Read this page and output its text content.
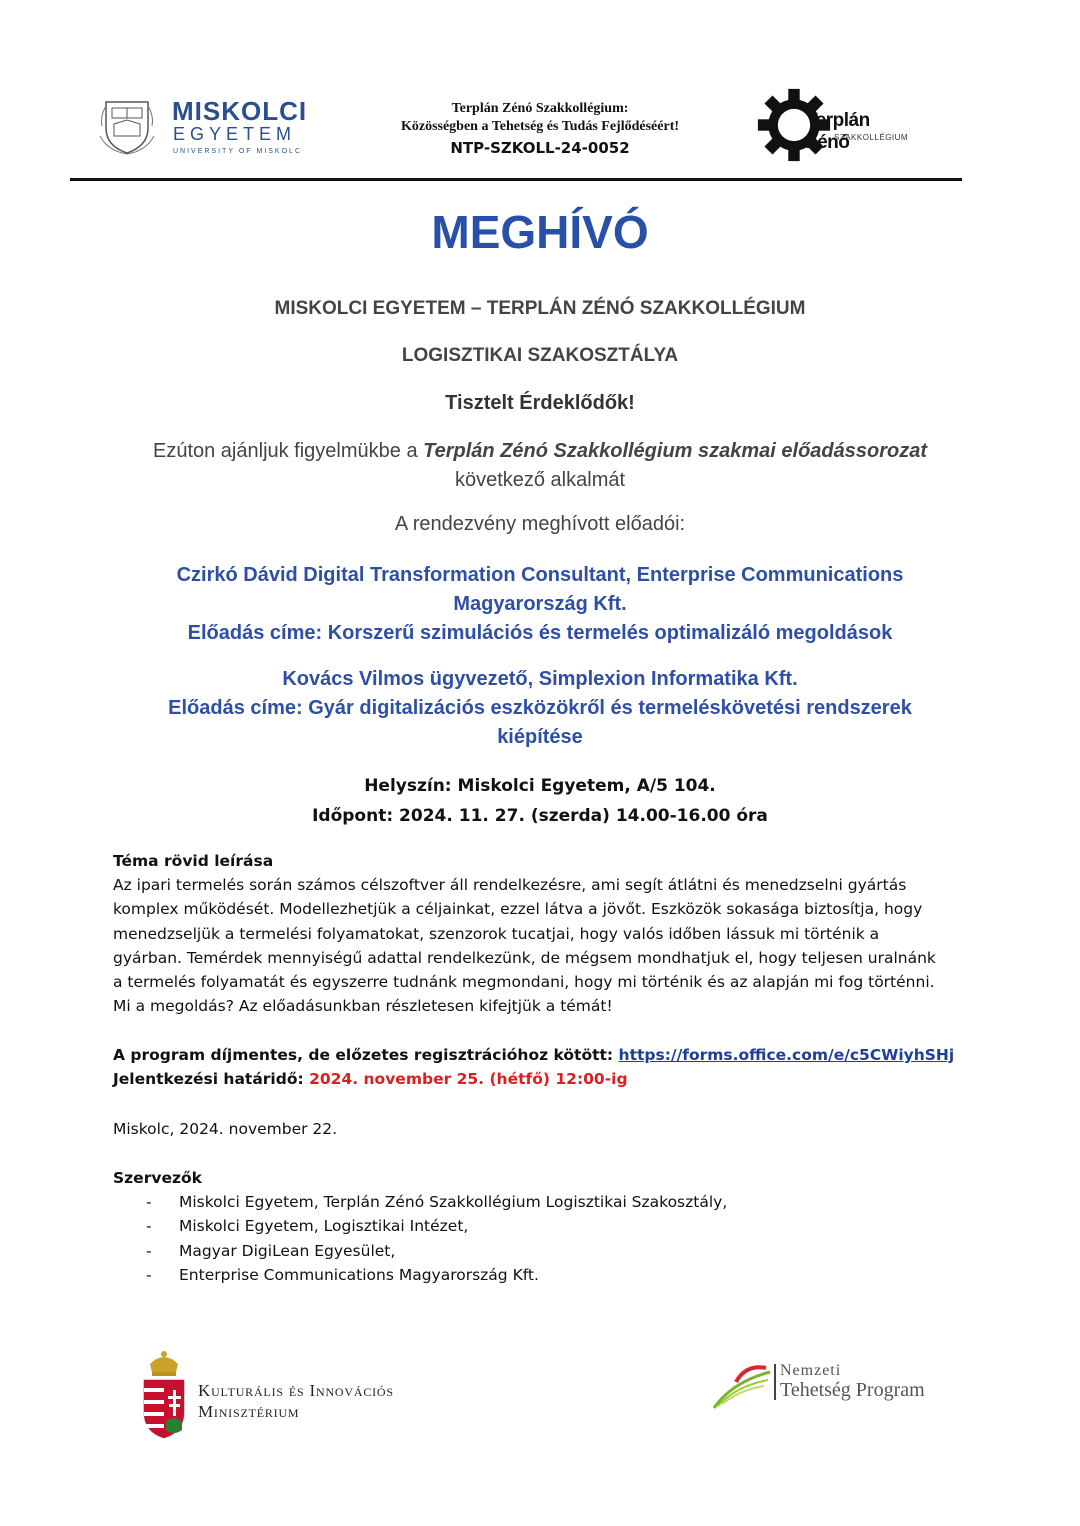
MISKOLCI
EGYETEM
UNIVERSITY OF MISKOLC
Terplán Zénó Szakkollégium:
Közösségben a Tehetség és Tudás Fejlődéséért!
NTP-SZKOLL-24-0052
Terplán Zénó
SZAKKOLLÉGIUM
MEGHÍVÓ
MISKOLCI EGYETEM – TERPLÁN ZÉNÓ SZAKKOLLÉGIUM
LOGISZTIKAI SZAKOSZTÁLYA
Tisztelt Érdeklődők!
Ezúton ajánljuk figyelmükbe a Terplán Zénó Szakkollégium szakmai előadássorozat
következő alkalmát
A rendezvény meghívott előadói:
Czirkó Dávid Digital Transformation Consultant, Enterprise Communications
Magyarország Kft.
Előadás címe: Korszerű szimulációs és termelés optimalizáló megoldások
Kovács Vilmos ügyvezető, Simplexion Informatika Kft.
Előadás címe: Gyár digitalizációs eszközökről és termeléskövetési rendszerek
kiépítése
Helyszín: Miskolci Egyetem, A/5 104.
Időpont: 2024. 11. 27. (szerda) 14.00-16.00 óra
Téma rövid leírása
Az ipari termelés során számos célszoftver áll rendelkezésre, ami segít átlátni és menedzselni gyártás
komplex működését. Modellezhetjük a céljainkat, ezzel látva a jövőt. Eszközök sokasága biztosítja, hogy
menedzseljük a termelési folyamatokat, szenzorok tucatjai, hogy valós időben lássuk mi történik a
gyárban. Temérdek mennyiségű adattal rendelkezünk, de mégsem mondhatjuk el, hogy teljesen uralnánk
a termelés folyamatát és egyszerre tudnánk megmondani, hogy mi történik és az alapján mi fog történni.
Mi a megoldás? Az előadásunkban részletesen kifejtjük a témát!
A program díjmentes, de előzetes regisztrációhoz kötött: https://forms.office.com/e/c5CWiyhSHj
Jelentkezési határidő: 2024. november 25. (hétfő) 12:00-ig
Miskolc, 2024. november 22.
Szervezők
- Miskolci Egyetem, Terplán Zénó Szakkollégium Logisztikai Szakosztály,
- Miskolci Egyetem, Logisztikai Intézet,
- Magyar DigiLean Egyesület,
- Enterprise Communications Magyarország Kft.
Kulturális és Innovációs
Minisztérium
Nemzeti
Tehetség Program
